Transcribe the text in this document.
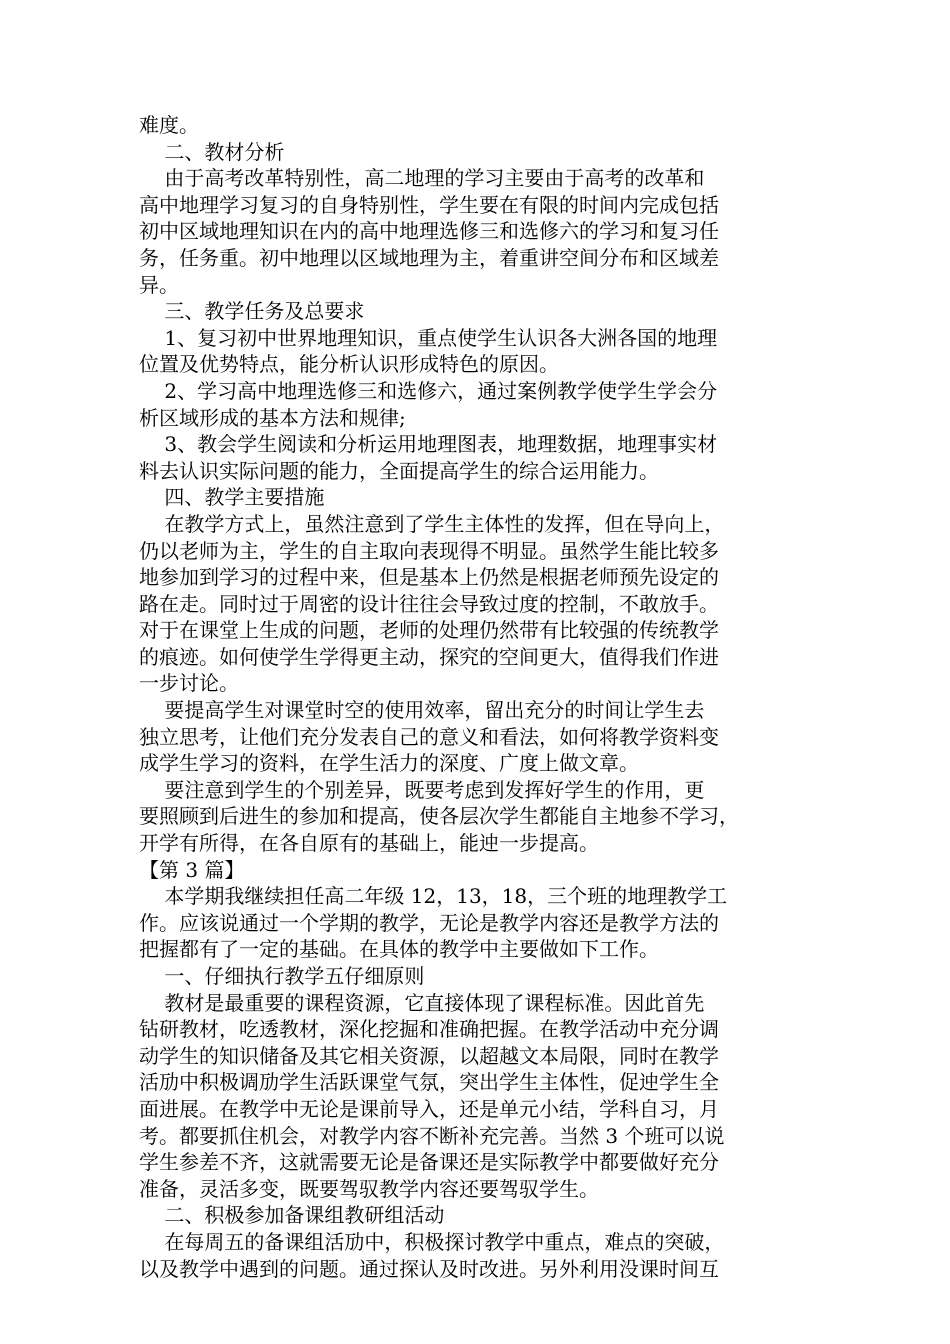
难度。
二、教材分析
由于高考改革特别性，高二地理的学习主要由于高考的改革和
高中地理学习复习的自身特别性，学生要在有限的时间内完成包括
初中区域地理知识在内的高中地理选修三和选修六的学习和复习任
务，任务重。初中地理以区域地理为主，着重讲空间分布和区域差
异。
三、教学任务及总要求
1、复习初中世界地理知识，重点使学生认识各大洲各国的地理
位置及优势特点，能分析认识形成特色的原因。
2、学习高中地理选修三和选修六，通过案例教学使学生学会分
析区域形成的基本方法和规律;
3、教会学生阅读和分析运用地理图表，地理数据，地理事实材
料去认识实际问题的能力，全面提高学生的综合运用能力。
四、教学主要措施
在教学方式上，虽然注意到了学生主体性的发挥，但在导向上，
仍以老师为主，学生的自主取向表现得不明显。虽然学生能比较多
地参加到学习的过程中来，但是基本上仍然是根据老师预先设定的
路在走。同时过于周密的设计往往会导致过度的控制，不敢放手。
对于在课堂上生成的问题，老师的处理仍然带有比较强的传统教学
的痕迹。如何使学生学得更主动，探究的空间更大，值得我们作进
一步讨论。
要提高学生对课堂时空的使用效率，留出充分的时间让学生去
独立思考，让他们充分发表自己的意义和看法，如何将教学资料变
成学生学习的资料，在学生活力的深度、广度上做文章。
要注意到学生的个别差异，既要考虑到发挥好学生的作用，更
要照顾到后进生的参加和提高，使各层次学生都能自主地参不学习，
开学有所得，在各自原有的基础上，能迚一步提高。
【第 3 篇】
本学期我继续担任高二年级 12，13，18，三个班的地理教学工
作。应该说通过一个学期的教学，无论是教学内容还是教学方法的
把握都有了一定的基础。在具体的教学中主要做如下工作。
一、仔细执行教学五仔细原则
教材是最重要的课程资源，它直接体现了课程标准。因此首先
钻研教材，吃透教材，深化挖掘和准确把握。在教学活动中充分调
动学生的知识储备及其它相关资源，以超越文本局限，同时在教学
活劢中积极调劢学生活跃课堂气氛，突出学生主体性，促迚学生全
面进展。在教学中无论是课前导入，还是单元小结，学科自习，月
考。都要抓住机会，对教学内容不断补充完善。当然 3 个班可以说
学生参差不齐，这就需要无论是备课还是实际教学中都要做好充分
准备，灵活多变，既要驾驭教学内容还要驾驭学生。
二、积极参加备课组教研组活动
在每周五的备课组活劢中，积极探讨教学中重点，难点的突破，
以及教学中遇到的问题。通过探认及时改进。另外利用没课时间互
